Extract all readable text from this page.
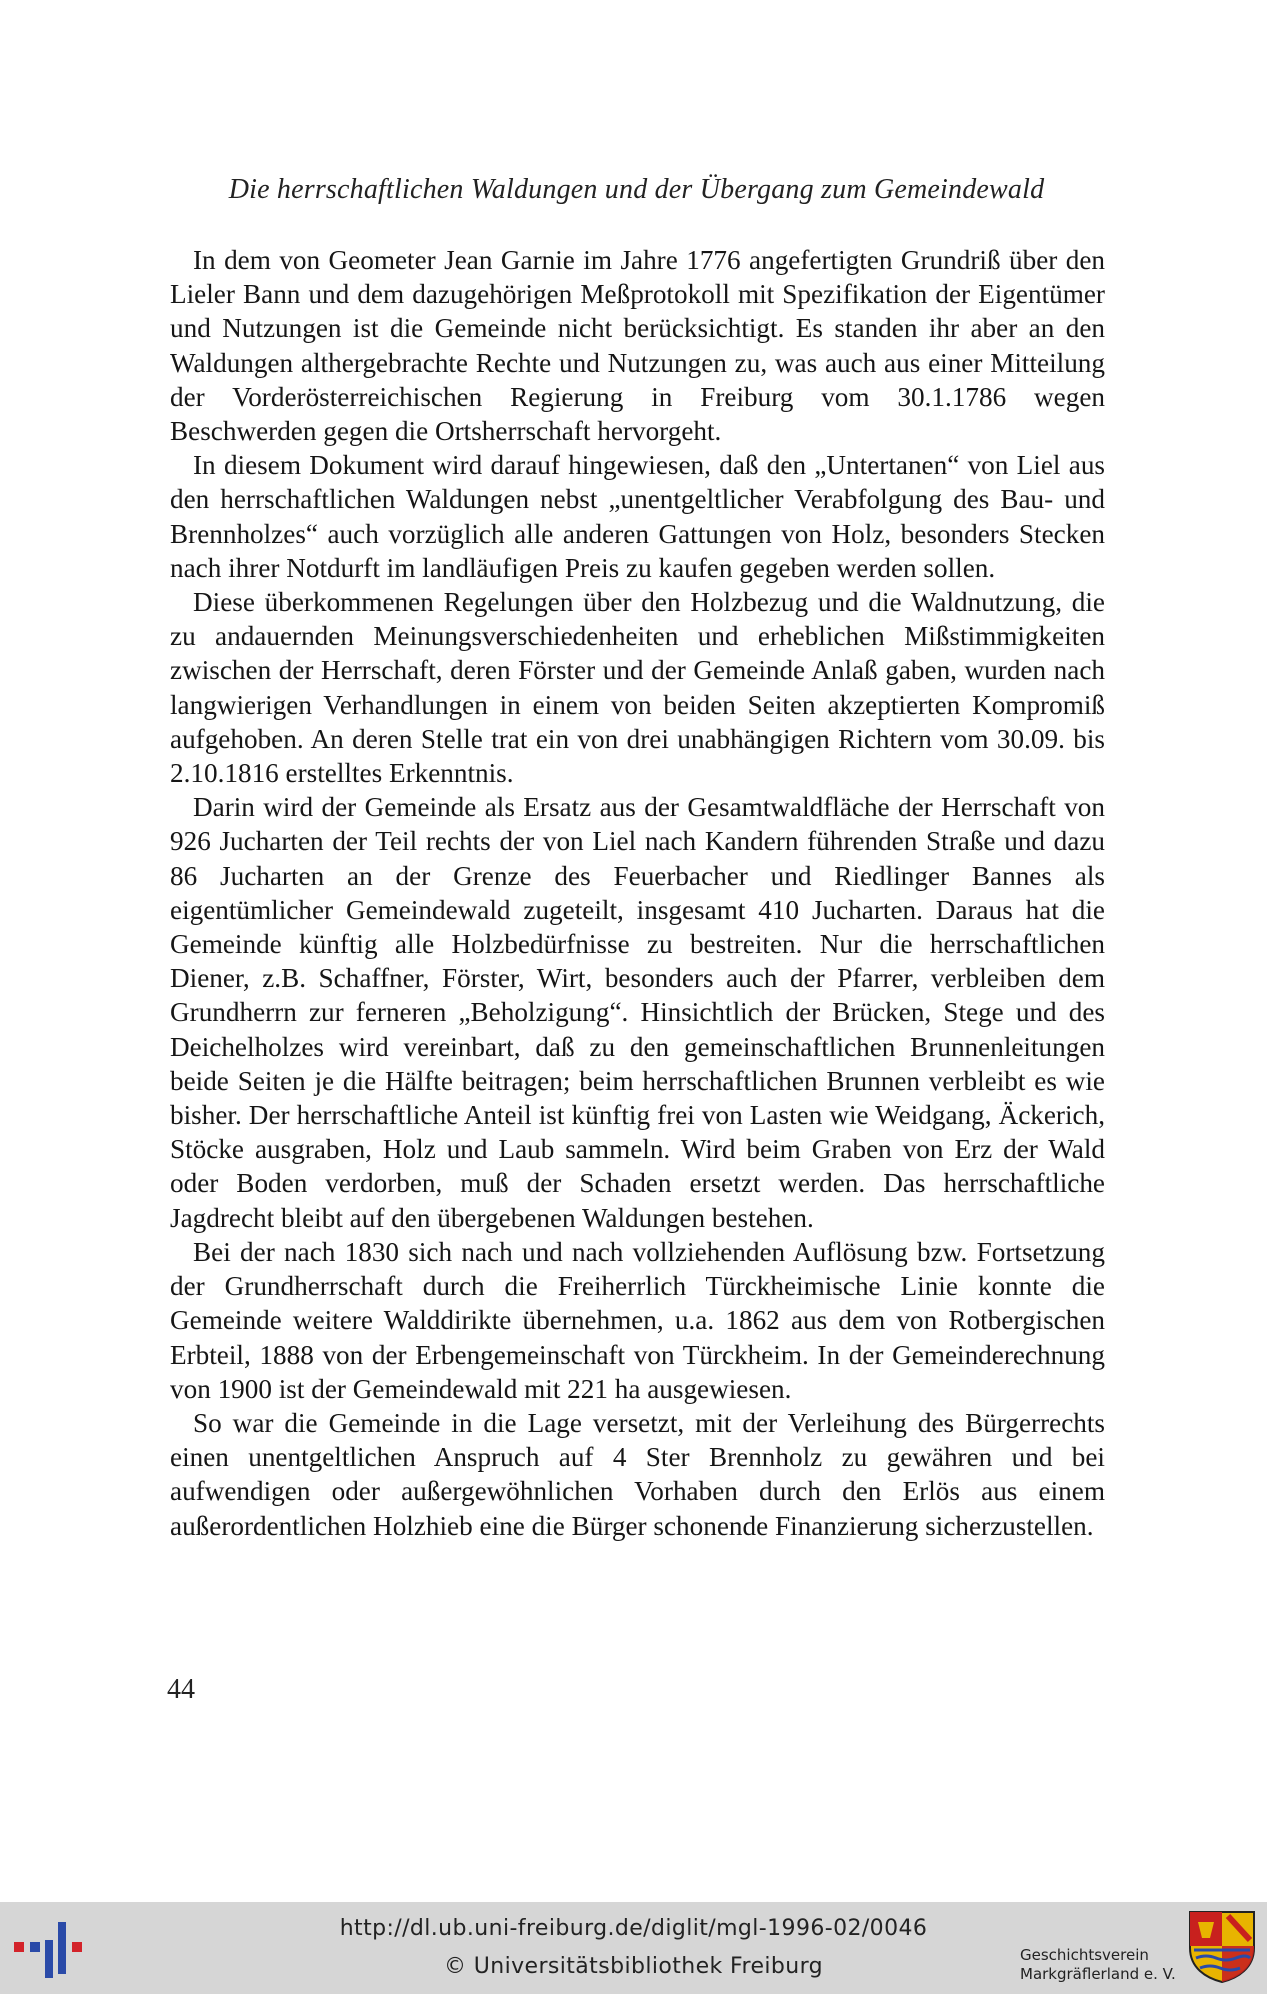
Die herrschaftlichen Waldungen und der Übergang zum Gemeindewald

In dem von Geometer Jean Garnie im Jahre 1776 angefertigten Grundriß über den Lieler Bann und dem dazugehörigen Meßprotokoll mit Spezifikation der Eigentümer und Nutzungen ist die Gemeinde nicht berücksichtigt. Es standen ihr aber an den Waldungen althergebrachte Rechte und Nutzungen zu, was auch aus einer Mitteilung der Vorderösterreichischen Regierung in Freiburg vom 30.1.1786 wegen Beschwerden gegen die Ortsherrschaft hervorgeht.

In diesem Dokument wird darauf hingewiesen, daß den „Untertanen“ von Liel aus den herrschaftlichen Waldungen nebst „unentgeltlicher Verabfolgung des Bau- und Brennholzes“ auch vorzüglich alle anderen Gattungen von Holz, besonders Stecken nach ihrer Notdurft im landläufigen Preis zu kaufen gegeben werden sollen.

Diese überkommenen Regelungen über den Holzbezug und die Waldnutzung, die zu andauernden Meinungsverschiedenheiten und erheblichen Mißstimmigkeiten zwischen der Herrschaft, deren Förster und der Gemeinde Anlaß gaben, wurden nach langwierigen Verhandlungen in einem von beiden Seiten akzeptierten Kompromiß aufgehoben. An deren Stelle trat ein von drei unabhängigen Richtern vom 30.09. bis 2.10.1816 erstelltes Erkenntnis.

Darin wird der Gemeinde als Ersatz aus der Gesamtwaldfläche der Herrschaft von 926 Jucharten der Teil rechts der von Liel nach Kandern führenden Straße und dazu 86 Jucharten an der Grenze des Feuerbacher und Riedlinger Bannes als eigentümlicher Gemeindewald zugeteilt, insgesamt 410 Jucharten. Daraus hat die Gemeinde künftig alle Holzbedürfnisse zu bestreiten. Nur die herrschaftlichen Diener, z.B. Schaffner, Förster, Wirt, besonders auch der Pfarrer, verbleiben dem Grundherrn zur ferneren „Beholzigung“. Hinsichtlich der Brücken, Stege und des Deichelholzes wird vereinbart, daß zu den gemeinschaftlichen Brunnenleitungen beide Seiten je die Hälfte beitragen; beim herrschaftlichen Brunnen verbleibt es wie bisher. Der herrschaftliche Anteil ist künftig frei von Lasten wie Weidgang, Äckerich, Stöcke ausgraben, Holz und Laub sammeln. Wird beim Graben von Erz der Wald oder Boden verdorben, muß der Schaden ersetzt werden. Das herrschaftliche Jagdrecht bleibt auf den übergebenen Waldungen bestehen.

Bei der nach 1830 sich nach und nach vollziehenden Auflösung bzw. Fortsetzung der Grundherrschaft durch die Freiherrlich Türckheimische Linie konnte die Gemeinde weitere Walddirikte übernehmen, u.a. 1862 aus dem von Rotbergischen Erbteil, 1888 von der Erbengemeinschaft von Türckheim. In der Gemeinderechnung von 1900 ist der Gemeindewald mit 221 ha ausgewiesen.

So war die Gemeinde in die Lage versetzt, mit der Verleihung des Bürgerrechts einen unentgeltlichen Anspruch auf 4 Ster Brennholz zu gewähren und bei aufwendigen oder außergewöhnlichen Vorhaben durch den Erlös aus einem außerordentlichen Holzhieb eine die Bürger schonende Finanzierung sicherzustellen.

44
http://dl.ub.uni-freiburg.de/diglit/mgl-1996-02/0046
© Universitätsbibliothek Freiburg	Geschichtsverein
Markgräflerland e. V.
